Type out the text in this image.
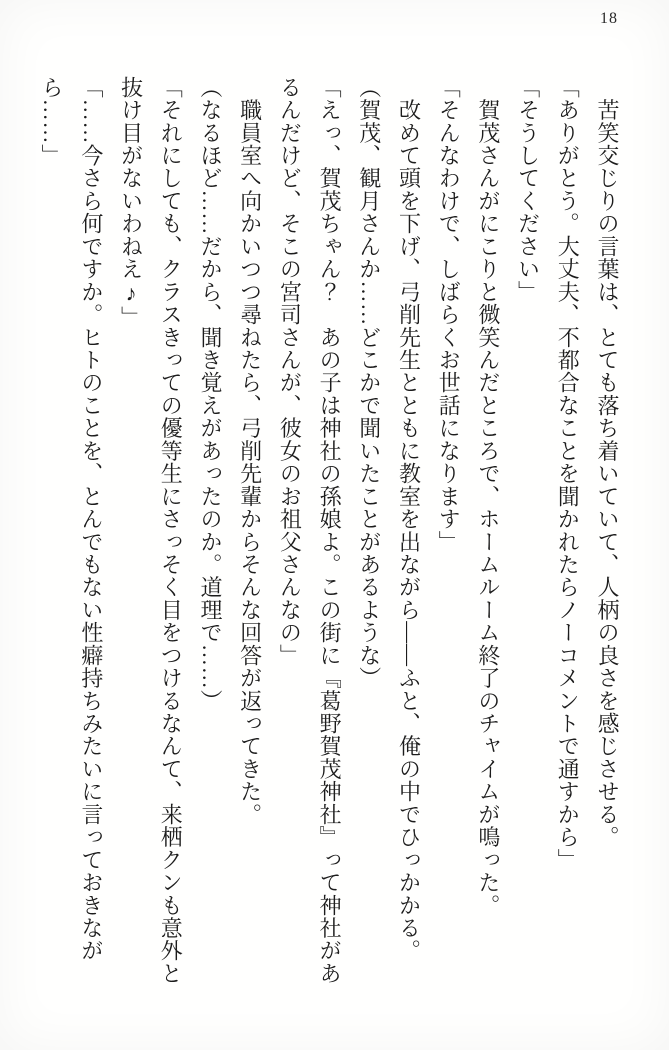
18

　苦笑交じりの言葉は、とても落ち着いていて、人柄の良さを感じさせる。

「ありがとう。大丈夫、不都合なことを聞かれたらノーコメントで通すから」

「そうしてください」

　賀茂さんがにこりと微笑んだところで、ホームルーム終了のチャイムが鳴った。

「そんなわけで、しばらくお世話になります」

　改めて頭を下げ、弓削先生とともに教室を出ながら――ふと、俺の中でひっかかる。

（賀茂、観月さんか……どこかで聞いたことがあるような）

「えっ、賀茂ちゃん？　あの子は神社の孫娘よ。この街に『葛野賀茂神社』って神社があるんだけど、そこの宮司さんが、彼女のお祖父さんなの」

　職員室へ向かいつつ尋ねたら、弓削先輩からそんな回答が返ってきた。

（なるほど……だから、聞き覚えがあったのか。道理で……）

「それにしても、クラスきっての優等生にさっそく目をつけるなんて、来栖クンも意外と抜け目がないわねえ♪」

「……今さら何ですか。ヒトのことを、とんでもない性癖持ちみたいに言っておきながら……」
